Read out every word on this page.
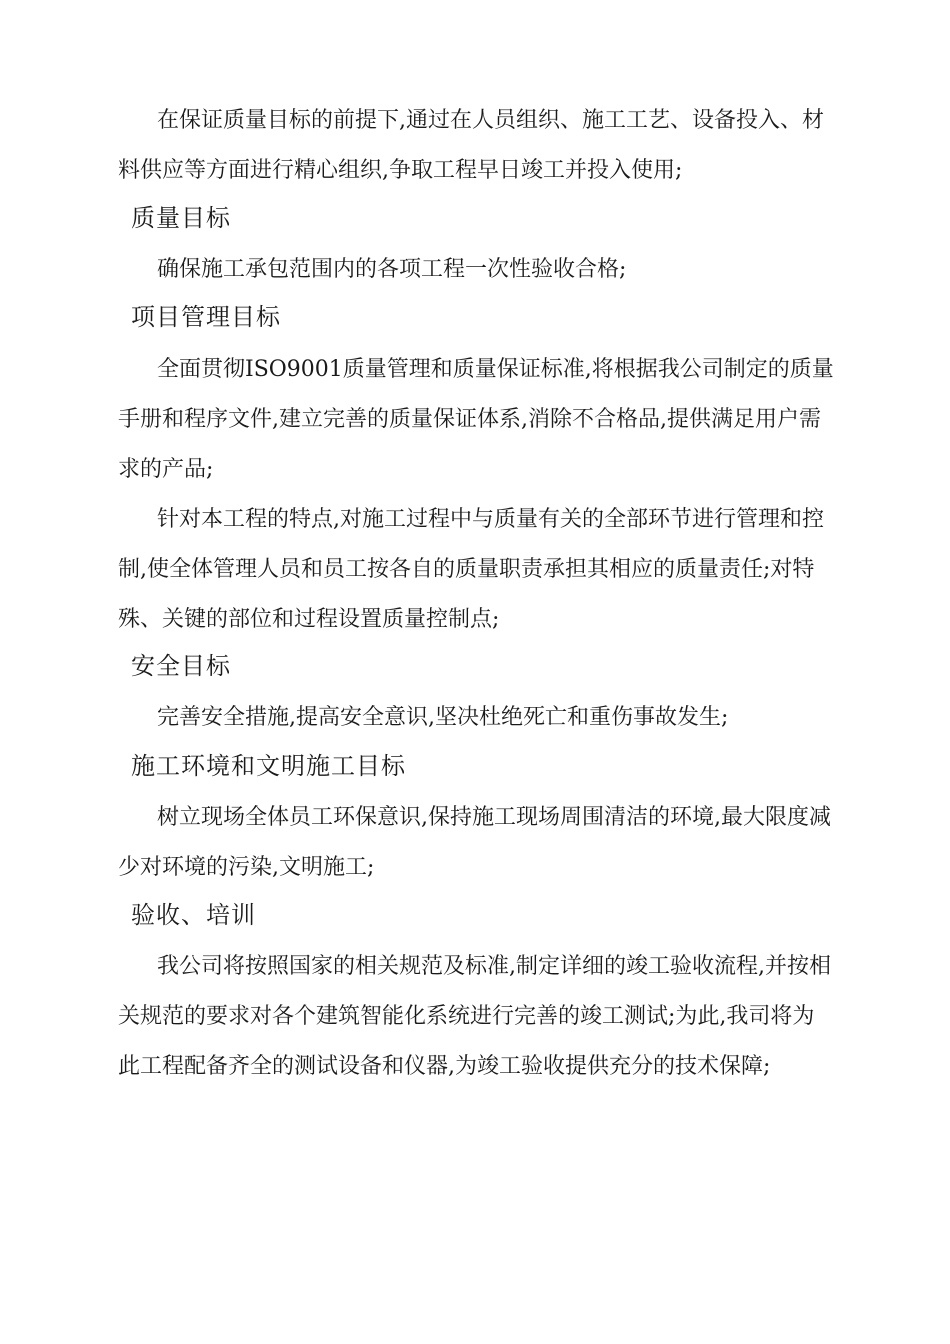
在保证质量目标的前提下,通过在人员组织、施工工艺、设备投入、材料供应等方面进行精心组织,争取工程早日竣工并投入使用;

质量目标

确保施工承包范围内的各项工程一次性验收合格;

项目管理目标

全面贯彻ISO9001质量管理和质量保证标准,将根据我公司制定的质量手册和程序文件,建立完善的质量保证体系,消除不合格品,提供满足用户需求的产品;

针对本工程的特点,对施工过程中与质量有关的全部环节进行管理和控制,使全体管理人员和员工按各自的质量职责承担其相应的质量责任;对特殊、关键的部位和过程设置质量控制点;

安全目标

完善安全措施,提高安全意识,坚决杜绝死亡和重伤事故发生;

施工环境和文明施工目标

树立现场全体员工环保意识,保持施工现场周围清洁的环境,最大限度减少对环境的污染,文明施工;

验收、培训

我公司将按照国家的相关规范及标准,制定详细的竣工验收流程,并按相关规范的要求对各个建筑智能化系统进行完善的竣工测试;为此,我司将为此工程配备齐全的测试设备和仪器,为竣工验收提供充分的技术保障;
